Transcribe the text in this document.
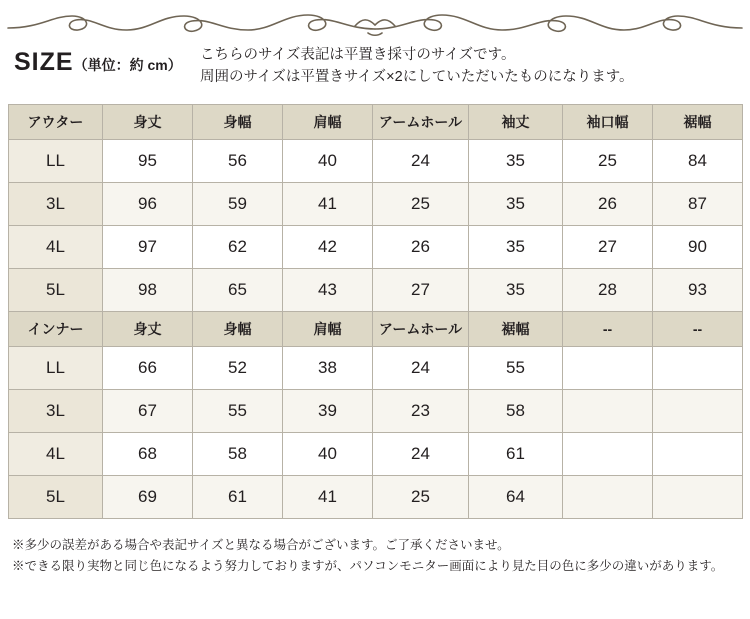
SIZE（単位：約 cm）
こちらのサイズ表記は平置き採寸のサイズです。
周囲のサイズは平置きサイズ×2にしていただいたものになります。
アウター	身丈	身幅	肩幅	アームホール	袖丈	袖口幅	裾幅
LL	95	56	40	24	35	25	84
3L	96	59	41	25	35	26	87
4L	97	62	42	26	35	27	90
5L	98	65	43	27	35	28	93
インナー	身丈	身幅	肩幅	アームホール	裾幅	--	--
LL	66	52	38	24	55		
3L	67	55	39	23	58		
4L	68	58	40	24	61		
5L	69	61	41	25	64		

※多少の誤差がある場合や表記サイズと異なる場合がございます。ご了承くださいませ。

※できる限り実物と同じ色になるよう努力しておりますが、パソコンモニター画面により見た目の色に多少の違いがあります。
